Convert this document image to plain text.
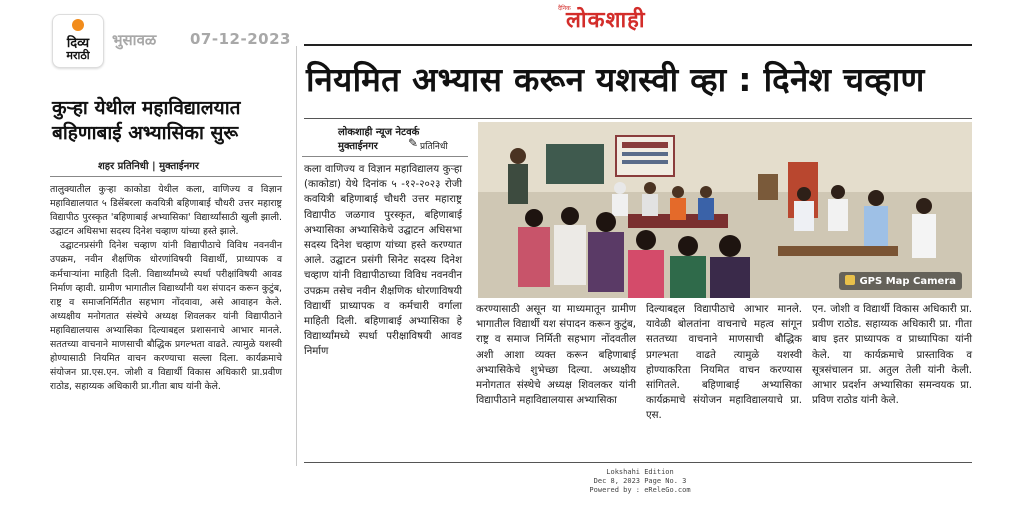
दिव्य
मराठी
भुसावळ 07-12-2023
कुऱ्हा येथील महाविद्यालयात बहिणाबाई अभ्यासिका सुरू
शहर प्रतिनिधी | मुक्ताईनगर

तालुक्यातील कुऱ्हा काकोडा येथील कला, वाणिज्य व विज्ञान महाविद्यालयात ५ डिसेंबरला कवयित्री बहिणाबाई चौधरी उत्तर महाराष्ट्र विद्यापीठ पुरस्कृत 'बहिणाबाई अभ्यासिका' विद्यार्थ्यांसाठी खुली झाली. उद्घाटन अधिसभा सदस्य दिनेश चव्हाण यांच्या हस्ते झाले.

उद्घाटनप्रसंगी दिनेश चव्हाण यांनी विद्यापीठाचे विविध नवनवीन उपक्रम, नवीन शैक्षणिक धोरणांविषयी विद्यार्थी, प्राध्यापक व कर्मचाऱ्यांना माहिती दिली. विद्यार्थ्यांमध्ये स्पर्धा परीक्षांविषयी आवड निर्माण व्हावी. ग्रामीण भागातील विद्यार्थ्यांनी यश संपादन करून कुटुंब, राष्ट्र व समाजनिर्मितीत सहभाग नोंदवावा, असे आवाहन केले. अध्यक्षीय मनोगतात संस्थेचे अध्यक्ष शिवलकर यांनी विद्यापीठाने महाविद्यालयास अभ्यासिका दिल्याबद्दल प्रशासनाचे आभार मानले. सततच्या वाचनाने माणसाची बौद्धिक प्रगल्भता वाढते. त्यामुळे यशस्वी होण्यासाठी नियमित वाचन करण्याचा सल्ला दिला. कार्यक्रमाचे संयोजन प्रा.एस.एन. जोशी व विद्यार्थी विकास अधिकारी प्रा.प्रवीण राठोड, सहाय्यक अधिकारी प्रा.गीता बाघ यांनी केले.

दैनिक
लोकशाही
नियमित अभ्यास करून यशस्वी व्हा : दिनेश चव्हाण
लोकशाही न्यूज नेटवर्क
मुक्ताईनगर	✎ प्रतिनिधी
GPS Map Camera

कला वाणिज्य व विज्ञान महाविद्यालय कुऱ्हा (काकोडा) येथे दिनांक ५ -१२-२०२३ रोजी कवयित्री बहिणाबाई चौधरी उत्तर महाराष्ट्र विद्यापीठ जळगाव पुरस्कृत, बहिणाबाई अभ्यासिका अभ्यासिकेचे उद्घाटन अधिसभा सदस्य दिनेश चव्हाण यांच्या हस्ते करण्यात आले. उद्घाटन प्रसंगी सिनेट सदस्य दिनेश चव्हाण यांनी विद्यापीठाच्या विविध नवनवीन उपक्रम तसेच नवीन शैक्षणिक धोरणाविषयी विद्यार्थी प्राध्यापक व कर्मचारी वर्गाला माहिती दिली. बहिणाबाई अभ्यासिका हे विद्यार्थ्यांमध्ये स्पर्धा परीक्षाविषयी आवड निर्माण

करण्यासाठी असून या माध्यमातून ग्रामीण भागातील विद्यार्थी यश संपादन करून कुटुंब, राष्ट्र व समाज निर्मिती सहभाग नोंदवतील अशी आशा व्यक्त करून बहिणाबाई अभ्यासिकेचे शुभेच्छा दिल्या. अध्यक्षीय मनोगतात संस्थेचे अध्यक्ष शिवलकर यांनी विद्यापीठाने महाविद्यालयास अभ्यासिका

दिल्याबद्दल विद्यापीठाचे आभार मानले. यावेळी बोलतांना वाचनाचे महत्व सांगून सततच्या वाचनाने माणसाची बौद्धिक प्रगल्भता वाढते त्यामुळे यशस्वी होण्याकरिता नियमित वाचन करण्यास सांगितले. बहिणाबाई अभ्यासिका कार्यक्रमाचे संयोजन महाविद्यालयाचे प्रा. एस.

एन. जोशी व विद्यार्थी विकास अधिकारी प्रा. प्रवीण राठोड. सहाय्यक अधिकारी प्रा. गीता बाघ इतर प्राध्यापक व प्राध्यापिका यांनी केले. या कार्यक्रमाचे प्रास्ताविक व सूत्रसंचालन प्रा. अतुल तेली यांनी केली. आभार प्रदर्शन अभ्यासिका समन्वयक प्रा. प्रविण राठोड यांनी केले.

Lokshahi Edition
Dec 8, 2023 Page No. 3
Powered by : eReleGo.com
